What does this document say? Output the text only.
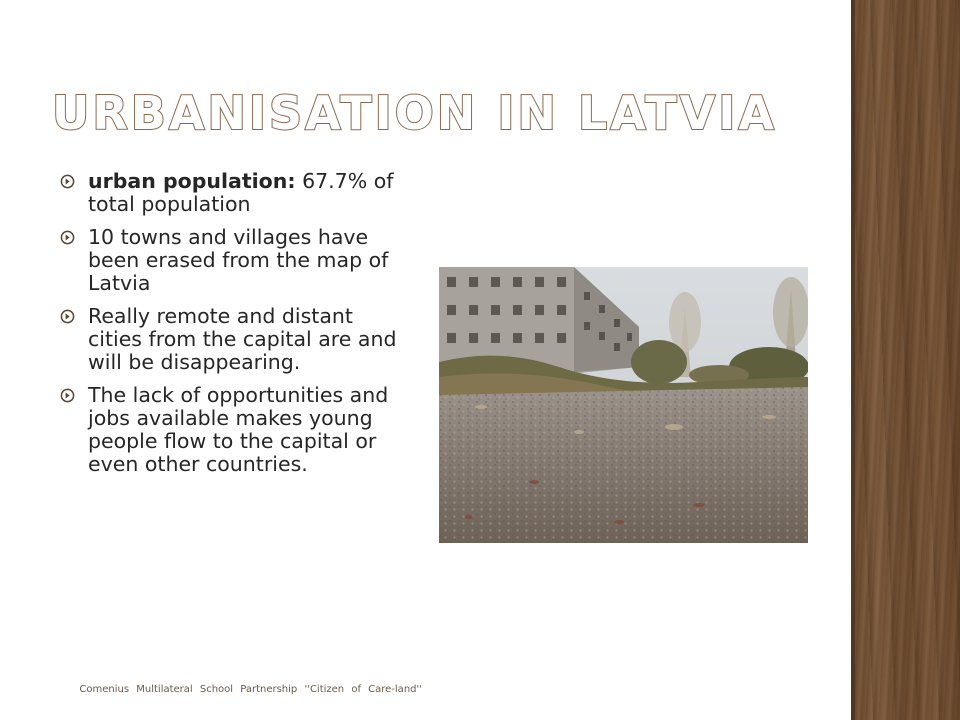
URBANISATION IN LATVIA
urban population: 67.7% of total population
10 towns and villages have been erased from the map of Latvia
Really remote and distant cities from the capital are and will be disappearing.
The lack of opportunities and jobs available makes young people flow to the capital or even other countries.

Comenius Multilateral School Partnership ''Citizen of Care-land''
